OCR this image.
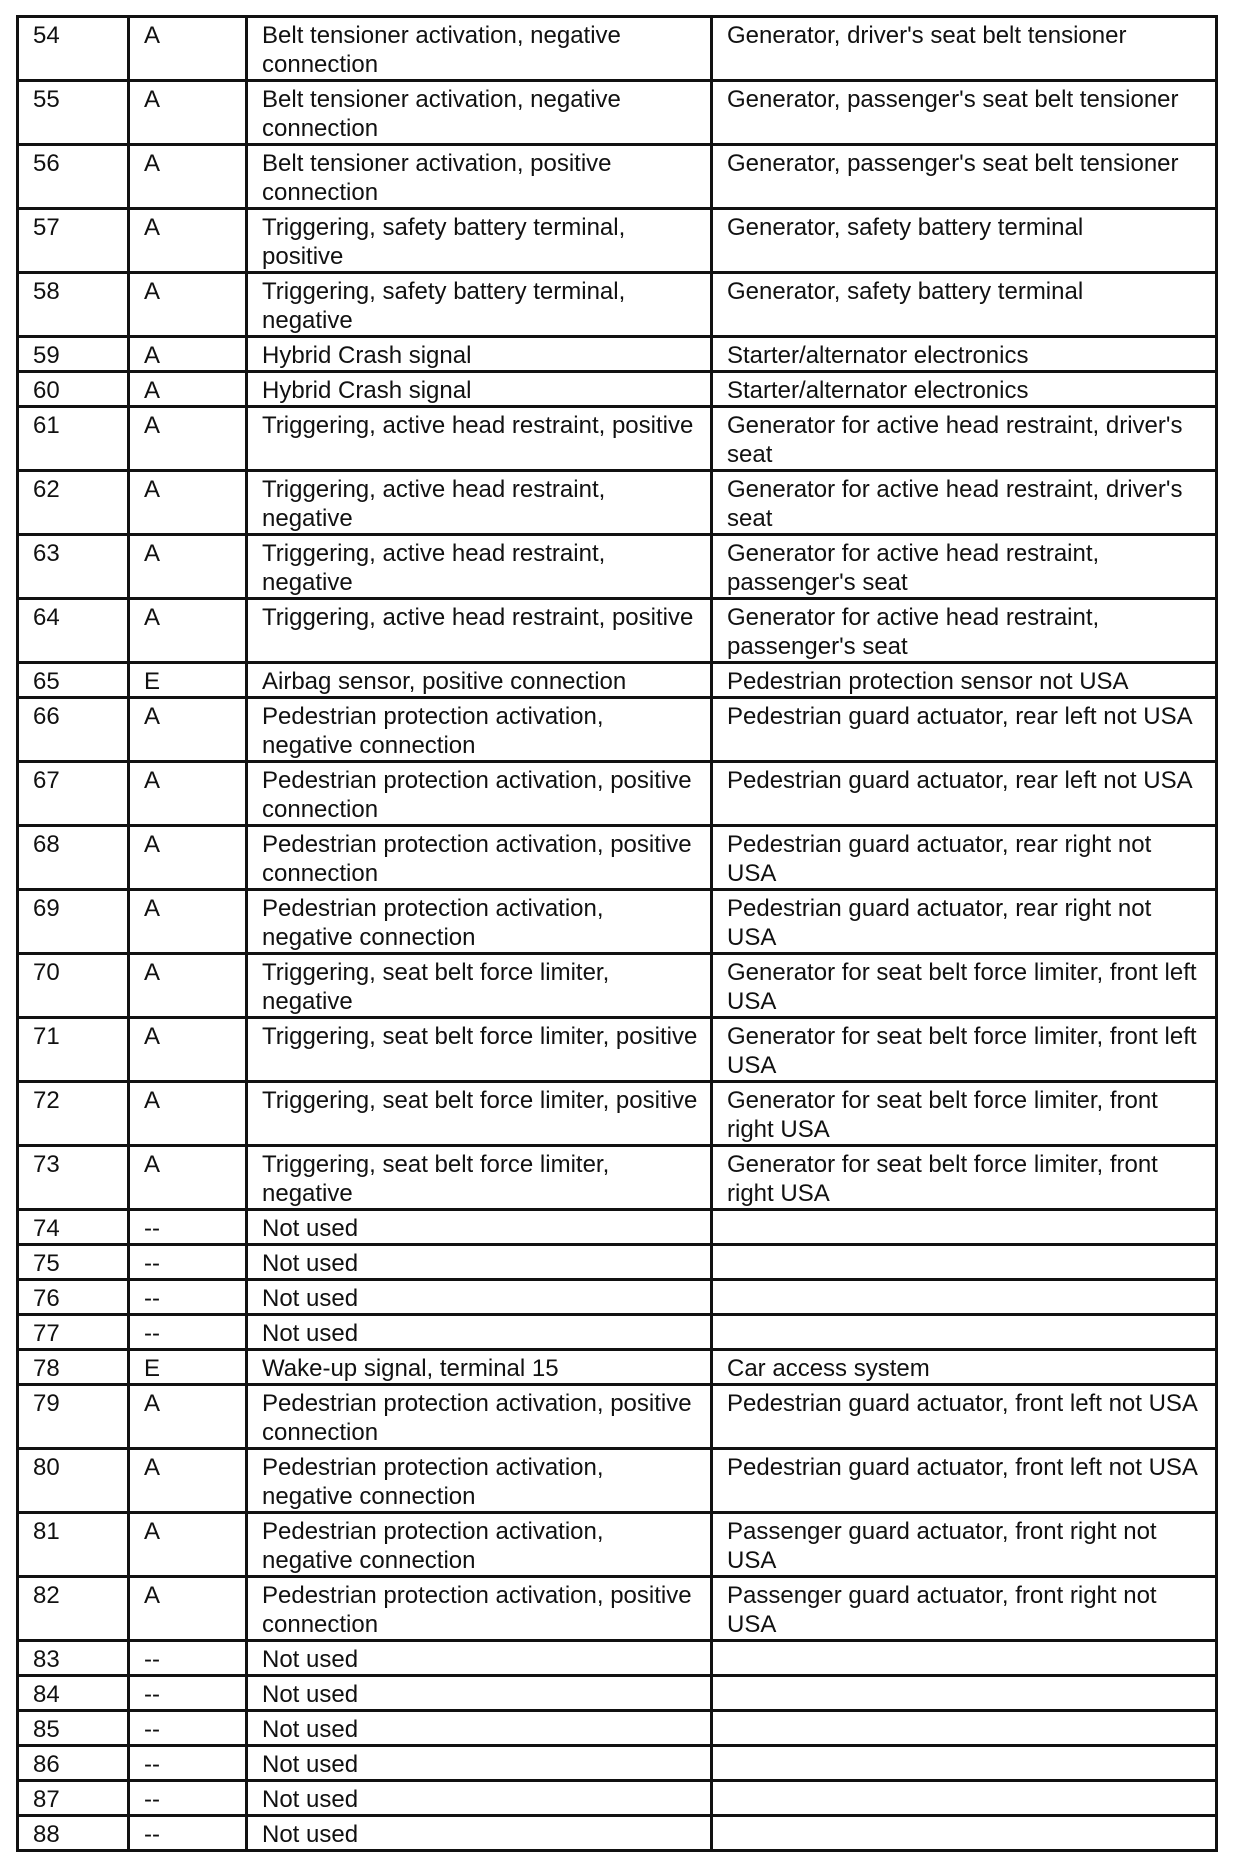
54	A	Belt tensioner activation, negative connection	Generator, driver's seat belt tensioner
55	A	Belt tensioner activation, negative connection	Generator, passenger's seat belt tensioner
56	A	Belt tensioner activation, positive connection	Generator, passenger's seat belt tensioner
57	A	Triggering, safety battery terminal, positive	Generator, safety battery terminal
58	A	Triggering, safety battery terminal, negative	Generator, safety battery terminal
59	A	Hybrid Crash signal	Starter/alternator electronics
60	A	Hybrid Crash signal	Starter/alternator electronics
61	A	Triggering, active head restraint, positive	Generator for active head restraint, driver's seat
62	A	Triggering, active head restraint, negative	Generator for active head restraint, driver's seat
63	A	Triggering, active head restraint, negative	Generator for active head restraint, passenger's seat
64	A	Triggering, active head restraint, positive	Generator for active head restraint, passenger's seat
65	E	Airbag sensor, positive connection	Pedestrian protection sensor not USA
66	A	Pedestrian protection activation, negative connection	Pedestrian guard actuator, rear left not USA
67	A	Pedestrian protection activation, positive connection	Pedestrian guard actuator, rear left not USA
68	A	Pedestrian protection activation, positive connection	Pedestrian guard actuator, rear right not USA
69	A	Pedestrian protection activation, negative connection	Pedestrian guard actuator, rear right not USA
70	A	Triggering, seat belt force limiter, negative	Generator for seat belt force limiter, front left USA
71	A	Triggering, seat belt force limiter, positive	Generator for seat belt force limiter, front left USA
72	A	Triggering, seat belt force limiter, positive	Generator for seat belt force limiter, front right USA
73	A	Triggering, seat belt force limiter, negative	Generator for seat belt force limiter, front right USA
74	--	Not used	
75	--	Not used	
76	--	Not used	
77	--	Not used	
78	E	Wake-up signal, terminal 15	Car access system
79	A	Pedestrian protection activation, positive connection	Pedestrian guard actuator, front left not USA
80	A	Pedestrian protection activation, negative connection	Pedestrian guard actuator, front left not USA
81	A	Pedestrian protection activation, negative connection	Passenger guard actuator, front right not USA
82	A	Pedestrian protection activation, positive connection	Passenger guard actuator, front right not USA
83	--	Not used	
84	--	Not used	
85	--	Not used	
86	--	Not used	
87	--	Not used	
88	--	Not used	
